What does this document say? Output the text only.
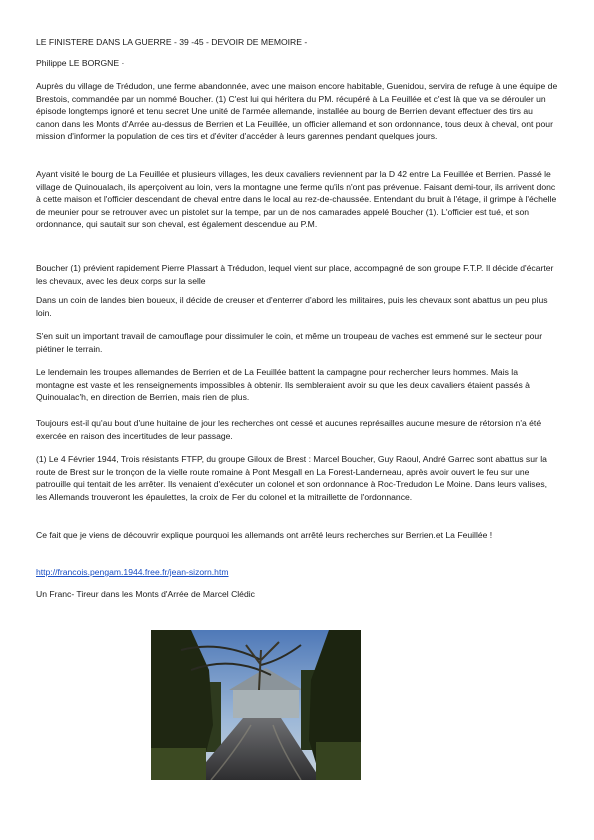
LE FINISTERE DANS LA GUERRE - 39 -45 - DEVOIR DE MEMOIRE -

Philippe LE BORGNE ·

Auprès du village de Trédudon, une ferme abandonnée, avec une maison encore habitable, Guenidou, servira de refuge à une équipe de Brestois, commandée par un nommé Boucher. (1) C'est lui qui héritera du PM. récupéré à La Feuillée et c'est là que va se dérouler un épisode longtemps ignoré et tenu secret Une unité de l'armée allemande, installée au bourg de Berrien devant effectuer des tirs au canon dans les Monts d'Arrée au-dessus de Berrien et La Feuillée, un officier allemand et son ordonnance, tous deux à cheval, ont pour mission d'informer la population de ces tirs et d'éviter d'accéder à leurs garennes pendant quelques jours.

Ayant visité le bourg de La Feuillée et plusieurs villages, les deux cavaliers reviennent par la D 42 entre La Feuillée et Berrien. Passé le village de Quinoualach, ils aperçoivent au loin, vers la montagne une ferme qu'ils n'ont pas prévenue. Faisant demi-tour, ils arrivent donc à cette maison et l'officier descendant de cheval entre dans le local au rez-de-chaussée. Entendant du bruit à l'étage, il grimpe à l'échelle de meunier pour se retrouver avec un pistolet sur la tempe, par un de nos camarades appelé Boucher (1). L'officier est tué, et son ordonnance, qui sautait sur son cheval, est également descendue au P.M.

Boucher (1) prévient rapidement Pierre Plassart à Trédudon, lequel vient sur place, accompagné de son groupe F.T.P. Il décide d'écarter les chevaux, avec les deux corps sur la selle

Dans un coin de landes bien boueux, il décide de creuser et d'enterrer d'abord les militaires, puis les chevaux sont abattus un peu plus loin.

S'en suit un important travail de camouflage pour dissimuler le coin, et même un troupeau de vaches est emmené sur le secteur pour piétiner le terrain.

Le lendemain les troupes allemandes de Berrien et de La Feuillée battent la campagne pour rechercher leurs hommes. Mais la montagne est vaste et les renseignements impossibles à obtenir. Ils sembleraient avoir su que les deux cavaliers étaient passés à Quinoualac'h, en direction de Berrien, mais rien de plus.

Toujours est-il qu'au bout d'une huitaine de jour les recherches ont cessé et aucunes représailles aucune mesure de rétorsion n'a été exercée en raison des incertitudes de leur passage.

(1) Le 4 Février 1944, Trois résistants FTFP, du groupe Giloux de Brest : Marcel Boucher, Guy Raoul, André Garrec sont abattus sur la route de Brest sur le tronçon de la vielle route romaine à Pont Mesgall en La Forest-Landerneau, après avoir ouvert le feu sur une patrouille qui tentait de les arrêter. Ils venaient d'exécuter un colonel et son ordonnance à Roc-Tredudon Le Moine. Dans leurs valises, les Allemands trouveront les épaulettes, la croix de Fer du colonel et la mitraillette de l'ordonnance.

Ce fait que je viens de découvrir explique pourquoi les allemands ont arrêté leurs recherches sur Berrien.et La Feuillée !

http://francois.pengam.1944.free.fr/jean-sizorn.htm

Un Franc- Tireur dans les Monts d'Arrée de Marcel Clédic
